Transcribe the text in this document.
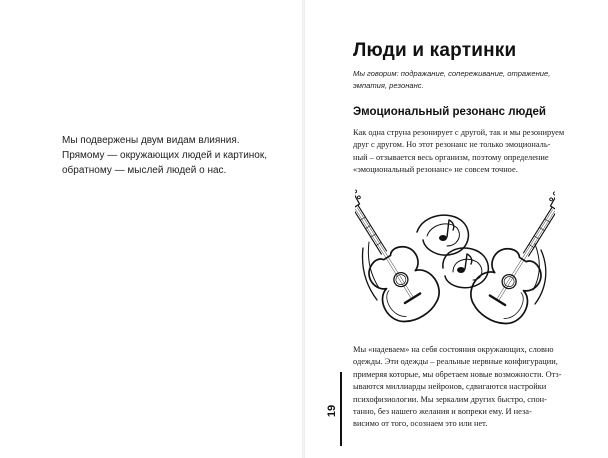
Мы подвержены двум видам влияния.
Прямому — окружающих людей и картинок,
обратному — мыслей людей о нас.
Люди и картинки
Мы говорим: подражание, сопереживание, отражение,
эмпатия, резонанс.
Эмоциональный резонанс людей
Как одна струна резонирует с другой, так и мы резонируем
друг с другом. Но этот резонанс не только эмоциональ-
ный – отзывается весь организм, поэтому определение
«эмоциональный резонанс» не совсем точное.
Мы «надеваем» на себя состояния окружающих, словно
одежды. Эти одежды – реальные нервные конфигурации,
примеряя которые, мы обретаем новые возможности. Отз-
ываются миллиарды нейронов, сдвигаются настройки
психофизиологии. Мы зеркалим других быстро, спон-
танно, без нашего желания и вопреки ему. И неза-
висимо от того, осознаем это или нет.
19
